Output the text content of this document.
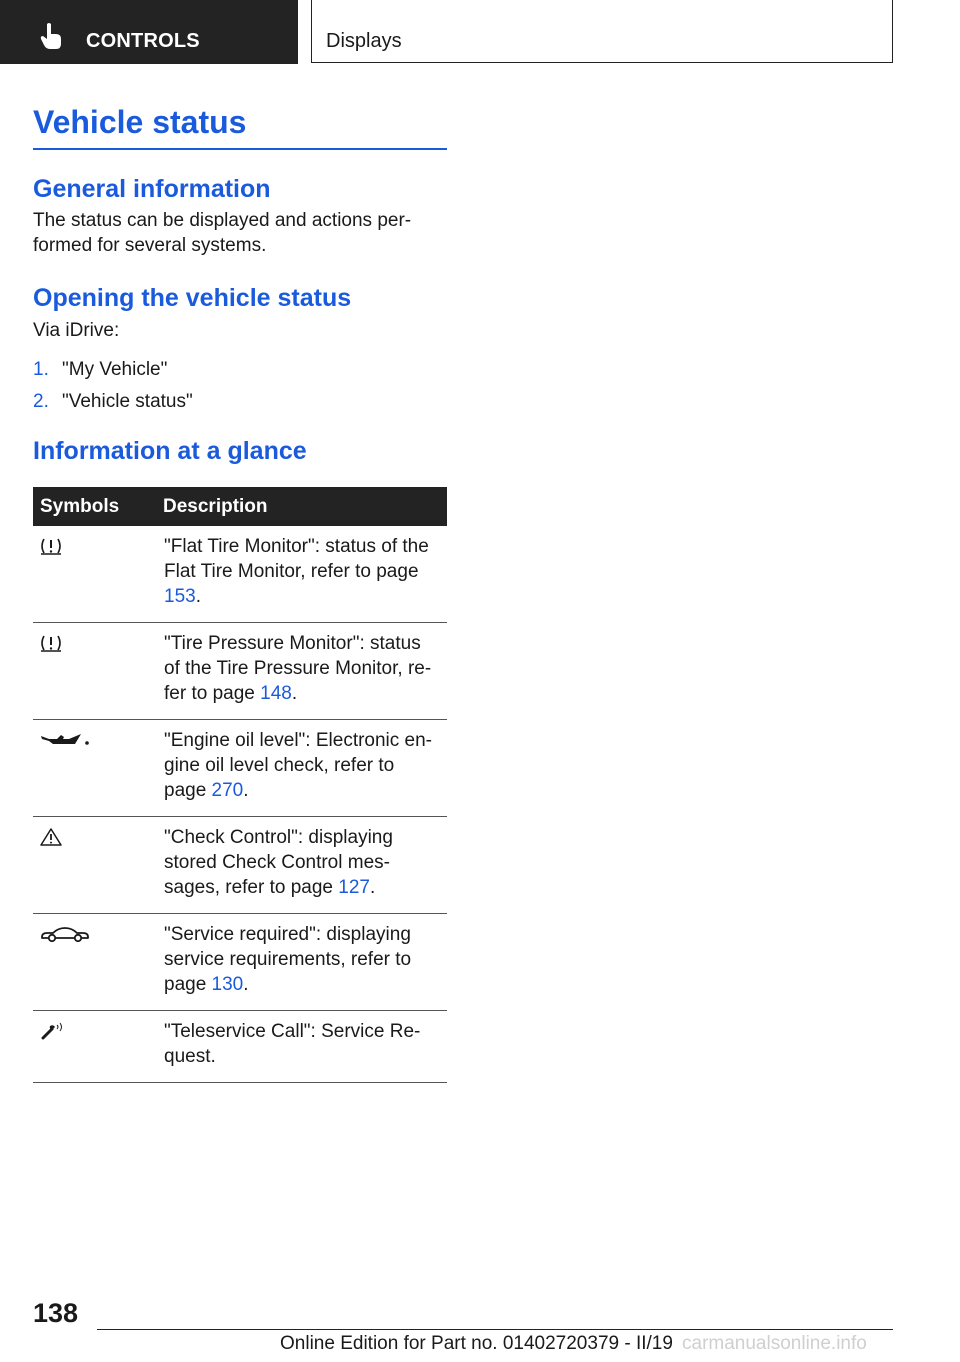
CONTROLS	Displays
Vehicle status
General information

The status can be displayed and actions per-formed for several systems.

Opening the vehicle status

Via iDrive:

1. "My Vehicle"
2. "Vehicle status"
Information at a glance
Symbols	Description
	"Flat Tire Monitor": status of the Flat Tire Monitor, refer to page 153.
	"Tire Pressure Monitor": status of the Tire Pressure Monitor, re-fer to page 148.
	"Engine oil level": Electronic en-gine oil level check, refer to page 270.
	"Check Control": displaying stored Check Control mes-sages, refer to page 127.
	"Service required": displaying service requirements, refer to page 130.
	"Teleservice Call": Service Re-quest.
138
Online Edition for Part no. 01402720379 - II/19 carmanualsonline.info
